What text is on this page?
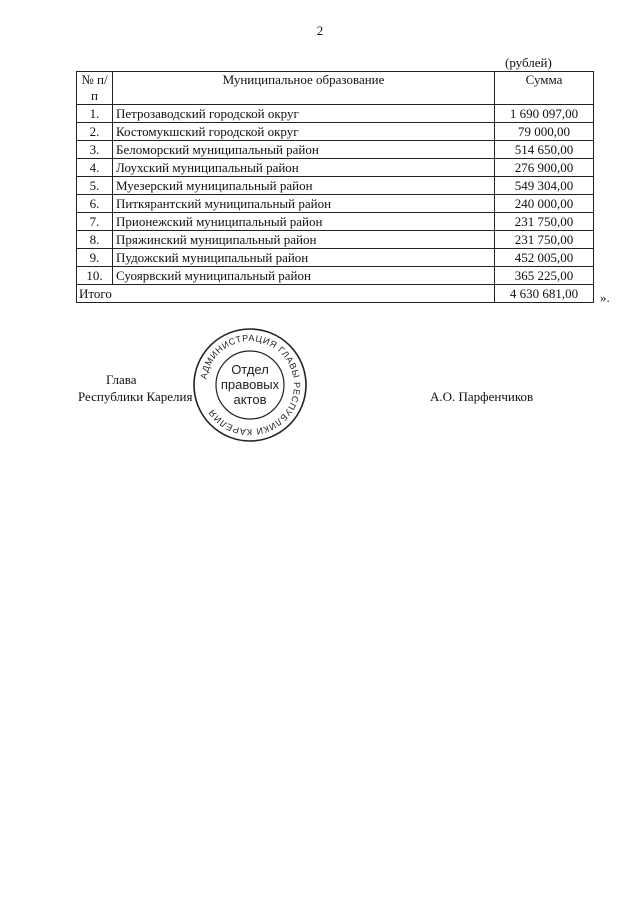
2
(рублей)
№ п/п	Муниципальное образование	Сумма
1.	Петрозаводский городской округ	1 690 097,00
2.	Костомукшский городской округ	79 000,00
3.	Беломорский муниципальный район	514 650,00
4.	Лоухский муниципальный район	276 900,00
5.	Муезерский муниципальный район	549 304,00
6.	Питкярантский муниципальный район	240 000,00
7.	Прионежский муниципальный район	231 750,00
8.	Пряжинский муниципальный район	231 750,00
9.	Пудожский муниципальный район	452 005,00
10.	Суоярвский муниципальный район	365 225,00
Итого		4 630 681,00 ».
Глава
Республики Карелия	А.О. Парфенчиков
АДМИНИСТРАЦИЯ ГЛАВЫ РЕСПУБЛИКИ КАРЕЛИЯ
Отдел
правовых
актов
